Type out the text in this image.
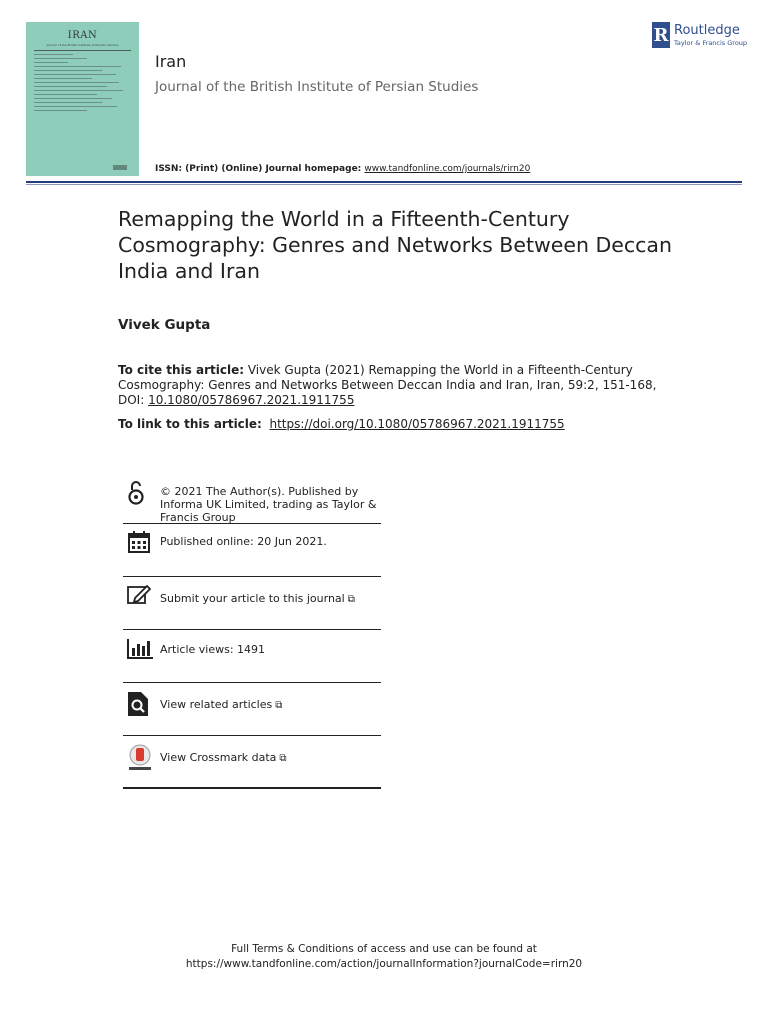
IRAN
Journal of the British Institute of Persian Studies
Iran
Journal of the British Institute of Persian Studies
ISSN: (Print) (Online) Journal homepage: www.tandfonline.com/journals/rirn20
R Routledge
Taylor & Francis Group
Remapping the World in a Fifteenth-Century Cosmography: Genres and Networks Between Deccan India and Iran
Vivek Gupta
To cite this article: Vivek Gupta (2021) Remapping the World in a Fifteenth-Century Cosmography: Genres and Networks Between Deccan India and Iran, Iran, 59:2, 151-168, DOI: 10.1080/05786967.2021.1911755
To link to this article: https://doi.org/10.1080/05786967.2021.1911755
© 2021 The Author(s). Published by Informa UK Limited, trading as Taylor & Francis Group
Published online: 20 Jun 2021.
Submit your article to this journal ⧉
Article views: 1491
View related articles ⧉
View Crossmark data ⧉
Full Terms & Conditions of access and use can be found at
https://www.tandfonline.com/action/journalInformation?journalCode=rirn20
